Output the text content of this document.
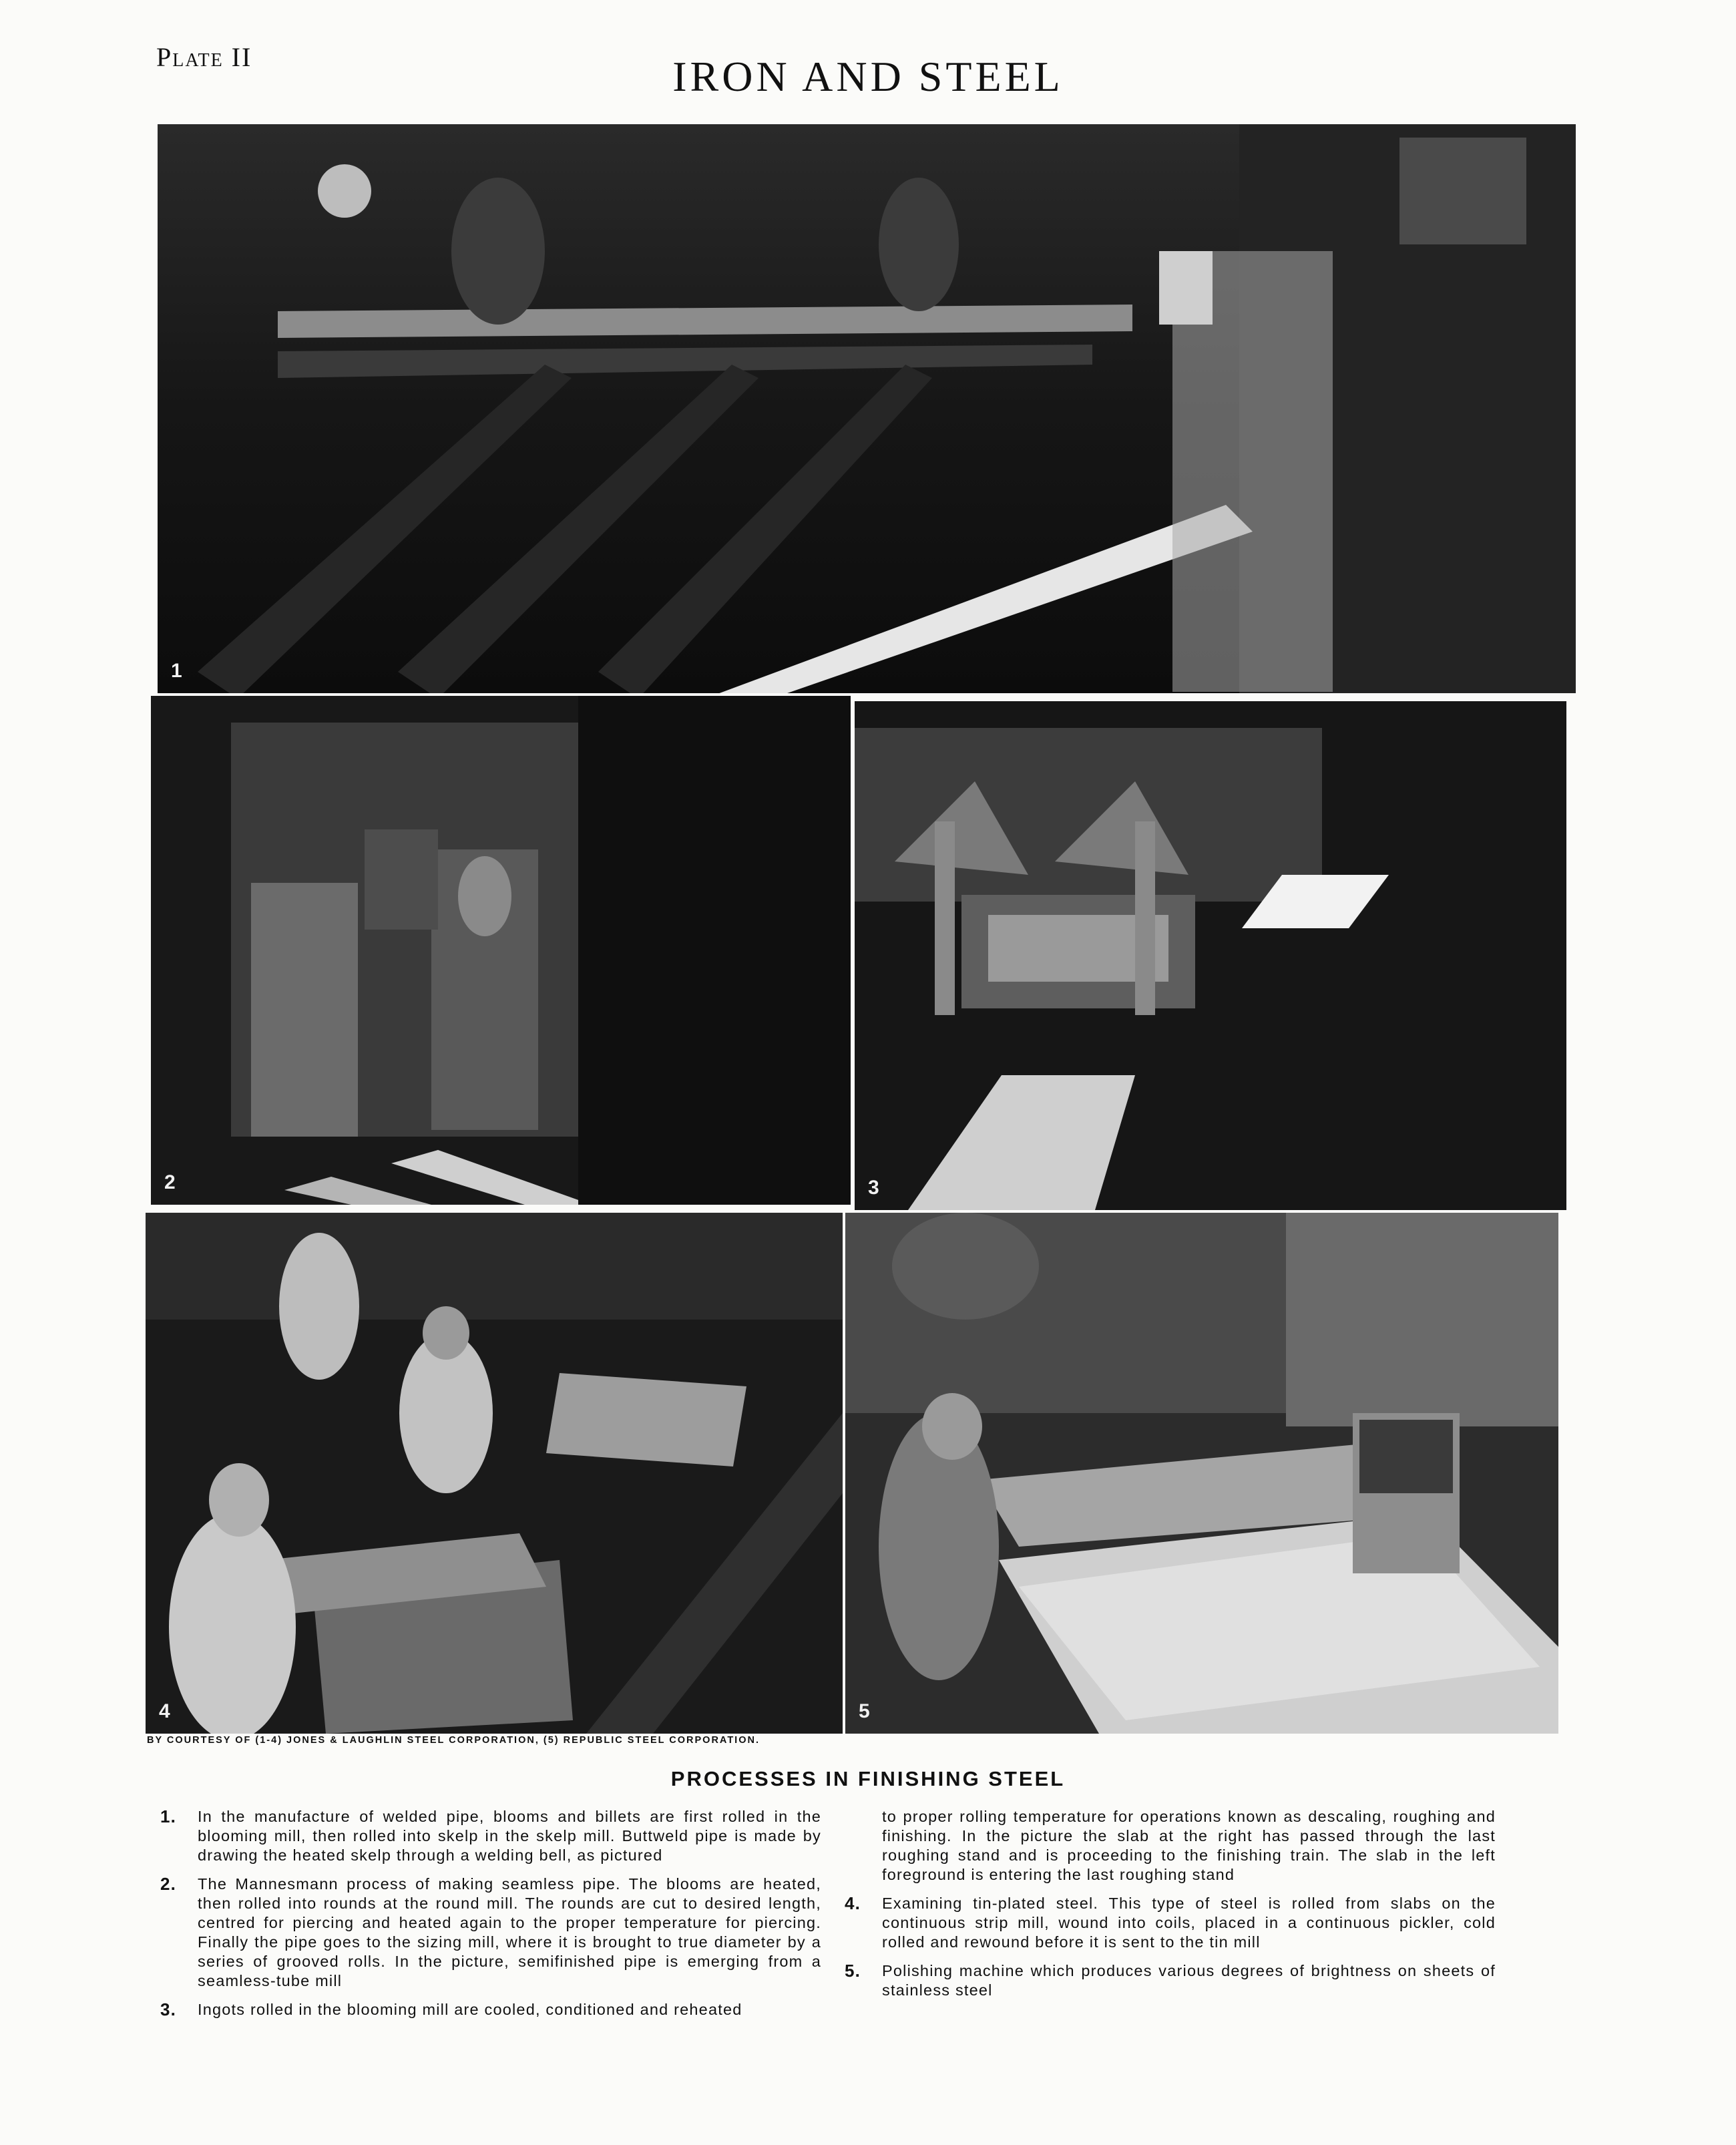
Plate II	IRON AND STEEL
1
2	3
4	5
BY COURTESY OF (1-4) JONES & LAUGHLIN STEEL CORPORATION, (5) REPUBLIC STEEL CORPORATION.
PROCESSES IN FINISHING STEEL
1. In the manufacture of welded pipe, blooms and billets are first rolled in the blooming mill, then rolled into skelp in the skelp mill. Buttweld pipe is made by drawing the heated skelp through a welding bell, as pictured
2. The Mannesmann process of making seamless pipe. The blooms are heated, then rolled into rounds at the round mill. The rounds are cut to desired length, centred for piercing and heated again to the proper temperature for piercing. Finally the pipe goes to the sizing mill, where it is brought to true diameter by a series of grooved rolls. In the picture, semifinished pipe is emerging from a seamless-tube mill
3. Ingots rolled in the blooming mill are cooled, conditioned and reheated
to proper rolling temperature for operations known as descaling, roughing and finishing. In the picture the slab at the right has passed through the last roughing stand and is proceeding to the finishing train. The slab in the left foreground is entering the last roughing stand
4. Examining tin-plated steel. This type of steel is rolled from slabs on the continuous strip mill, wound into coils, placed in a continuous pickler, cold rolled and rewound before it is sent to the tin mill
5. Polishing machine which produces various degrees of brightness on sheets of stainless steel
